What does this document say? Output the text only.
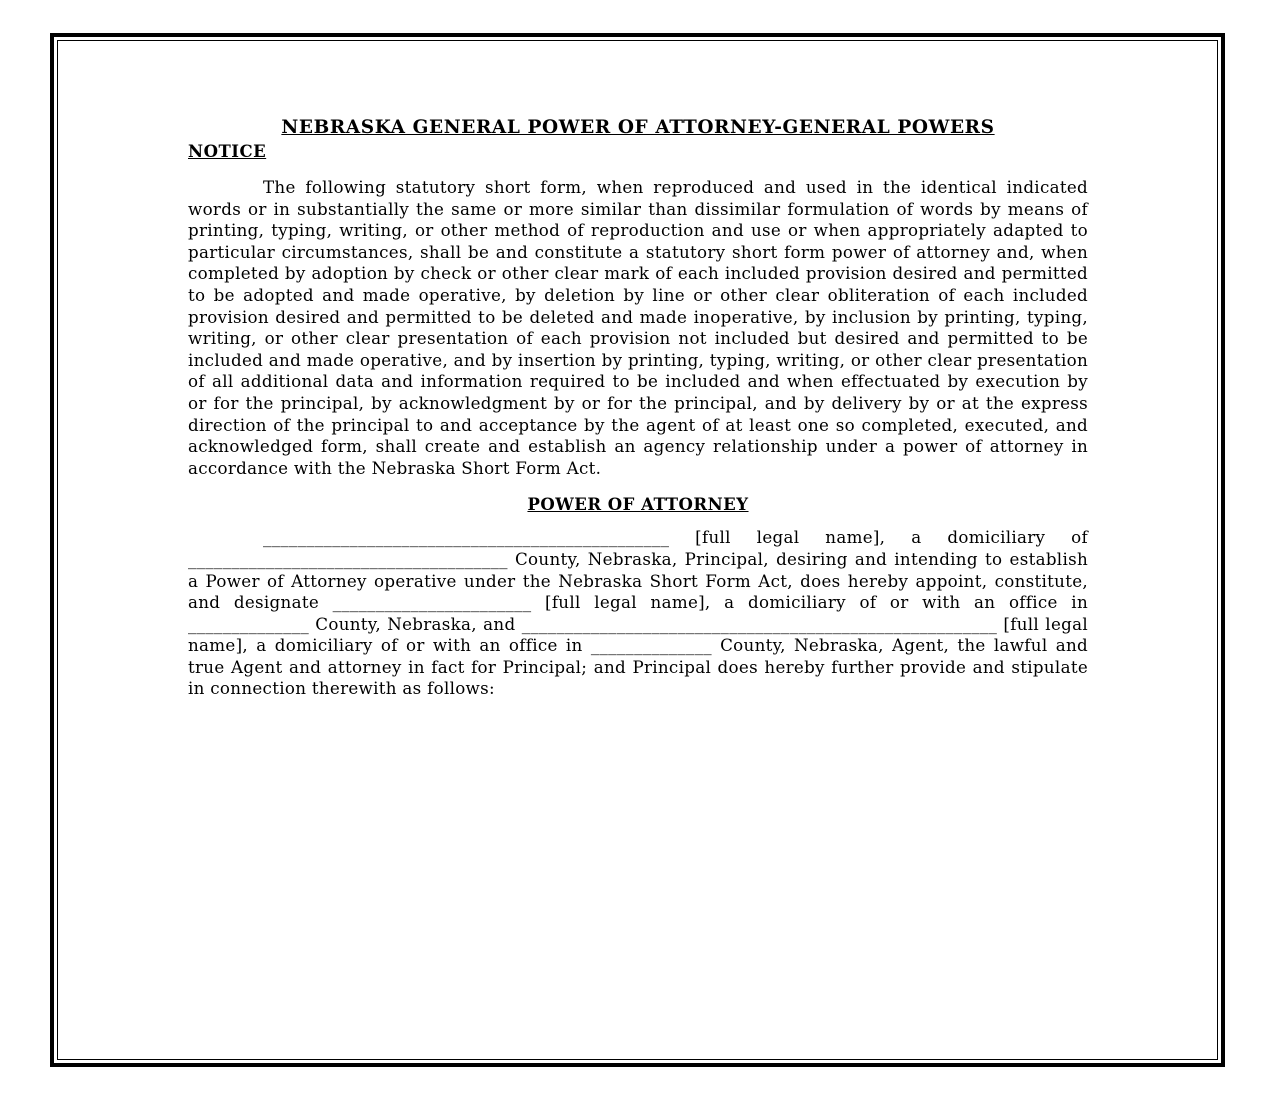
NEBRASKA GENERAL POWER OF ATTORNEY-GENERAL POWERS
NOTICE

The following statutory short form, when reproduced and used in the identical indicated words or in substantially the same or more similar than dissimilar formulation of words by means of printing, typing, writing, or other method of reproduction and use or when appropriately adapted to particular circumstances, shall be and constitute a statutory short form power of attorney and, when completed by adoption by check or other clear mark of each included provision desired and permitted to be adopted and made operative, by deletion by line or other clear obliteration of each included provision desired and permitted to be deleted and made inoperative, by inclusion by printing, typing, writing, or other clear presentation of each provision not included but desired and permitted to be included and made operative, and by insertion by printing, typing, writing, or other clear presentation of all additional data and information required to be included and when effectuated by execution by or for the principal, by acknowledgment by or for the principal, and by delivery by or at the express direction of the principal to and acceptance by the agent of at least one so completed, executed, and acknowledged form, shall create and establish an agency relationship under a power of attorney in accordance with the Nebraska Short Form Act.

POWER OF ATTORNEY

_______________________________________________ [full legal name], a domiciliary of _____________________________________ County, Nebraska, Principal, desiring and intending to establish a Power of Attorney operative under the Nebraska Short Form Act, does hereby appoint, constitute, and designate _______________________ [full legal name], a domiciliary of or with an office in ______________ County, Nebraska, and _______________________________________________________ [full legal name], a domiciliary of or with an office in ______________ County, Nebraska, Agent, the lawful and true Agent and attorney in fact for Principal; and Principal does hereby further provide and stipulate in connection therewith as follows:
